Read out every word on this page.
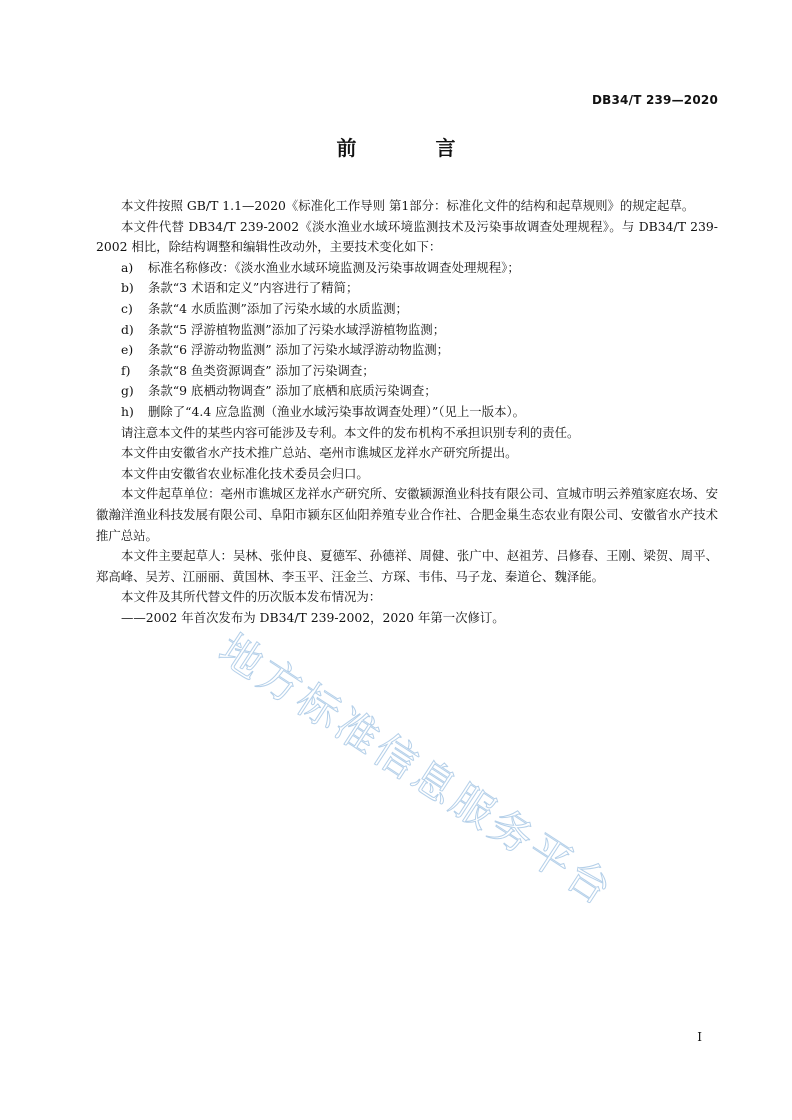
DB34/T 239—2020
前 言

本文件按照 GB/T 1.1—2020《标准化工作导则 第1部分：标准化文件的结构和起草规则》的规定起草。

本文件代替 DB34/T 239-2002《淡水渔业水域环境监测技术及污染事故调查处理规程》。与 DB34/T 239-2002 相比，除结构调整和编辑性改动外，主要技术变化如下：

a)	标准名称修改：《淡水渔业水域环境监测及污染事故调查处理规程》；

b)	条款“3 术语和定义”内容进行了精简；

c)	条款“4 水质监测”添加了污染水域的水质监测；

d)	条款“5 浮游植物监测”添加了污染水域浮游植物监测；

e)	条款“6 浮游动物监测” 添加了污染水域浮游动物监测；

f)	条款“8 鱼类资源调查” 添加了污染调查；

g)	条款“9 底栖动物调查” 添加了底栖和底质污染调查；

h)	删除了“4.4 应急监测（渔业水域污染事故调查处理）”（见上一版本）。

请注意本文件的某些内容可能涉及专利。本文件的发布机构不承担识别专利的责任。

本文件由安徽省水产技术推广总站、亳州市谯城区龙祥水产研究所提出。

本文件由安徽省农业标准化技术委员会归口。

本文件起草单位：亳州市谯城区龙祥水产研究所、安徽颍源渔业科技有限公司、宣城市明云养殖家庭农场、安徽瀚洋渔业科技发展有限公司、阜阳市颍东区仙阳养殖专业合作社、合肥金巢生态农业有限公司、安徽省水产技术推广总站。

本文件主要起草人：吴林、张仲良、夏德军、孙德祥、周健、张广中、赵祖芳、吕修春、王刚、梁贺、周平、郑高峰、吴芳、江丽丽、黄国林、李玉平、汪金兰、方琛、韦伟、马子龙、秦道仑、魏泽能。

本文件及其所代替文件的历次版本发布情况为：

——2002 年首次发布为 DB34/T 239-2002，2020 年第一次修订。

地方标准信息服务平台
I
